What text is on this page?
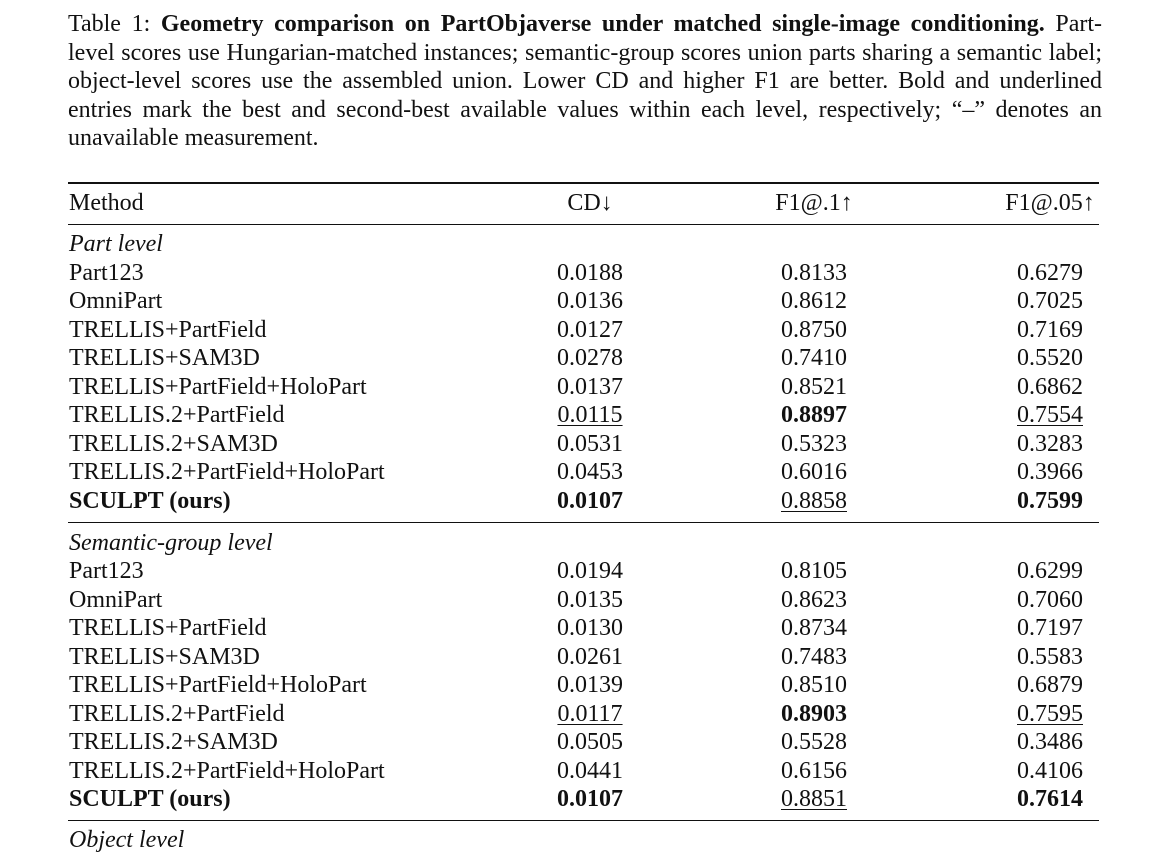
Table 1: Geometry comparison on PartObjaverse under matched single-image conditioning. Part-level scores use Hungarian-matched instances; semantic-group scores union parts sharing a semantic label; object-level scores use the assembled union. Lower CD and higher F1 are better. Bold and underlined entries mark the best and second-best available values within each level, respectively; “–” denotes an unavailable measurement.
Method	CD↓	F1@.1↑	F1@.05↑
Part level
Part123	0.0188	0.8133	0.6279
OmniPart	0.0136	0.8612	0.7025
TRELLIS+PartField	0.0127	0.8750	0.7169
TRELLIS+SAM3D	0.0278	0.7410	0.5520
TRELLIS+PartField+HoloPart	0.0137	0.8521	0.6862
TRELLIS.2+PartField	0.0115	0.8897	0.7554
TRELLIS.2+SAM3D	0.0531	0.5323	0.3283
TRELLIS.2+PartField+HoloPart	0.0453	0.6016	0.3966
SCULPT (ours)	0.0107	0.8858	0.7599
Semantic-group level
Part123	0.0194	0.8105	0.6299
OmniPart	0.0135	0.8623	0.7060
TRELLIS+PartField	0.0130	0.8734	0.7197
TRELLIS+SAM3D	0.0261	0.7483	0.5583
TRELLIS+PartField+HoloPart	0.0139	0.8510	0.6879
TRELLIS.2+PartField	0.0117	0.8903	0.7595
TRELLIS.2+SAM3D	0.0505	0.5528	0.3486
TRELLIS.2+PartField+HoloPart	0.0441	0.6156	0.4106
SCULPT (ours)	0.0107	0.8851	0.7614
Object level
